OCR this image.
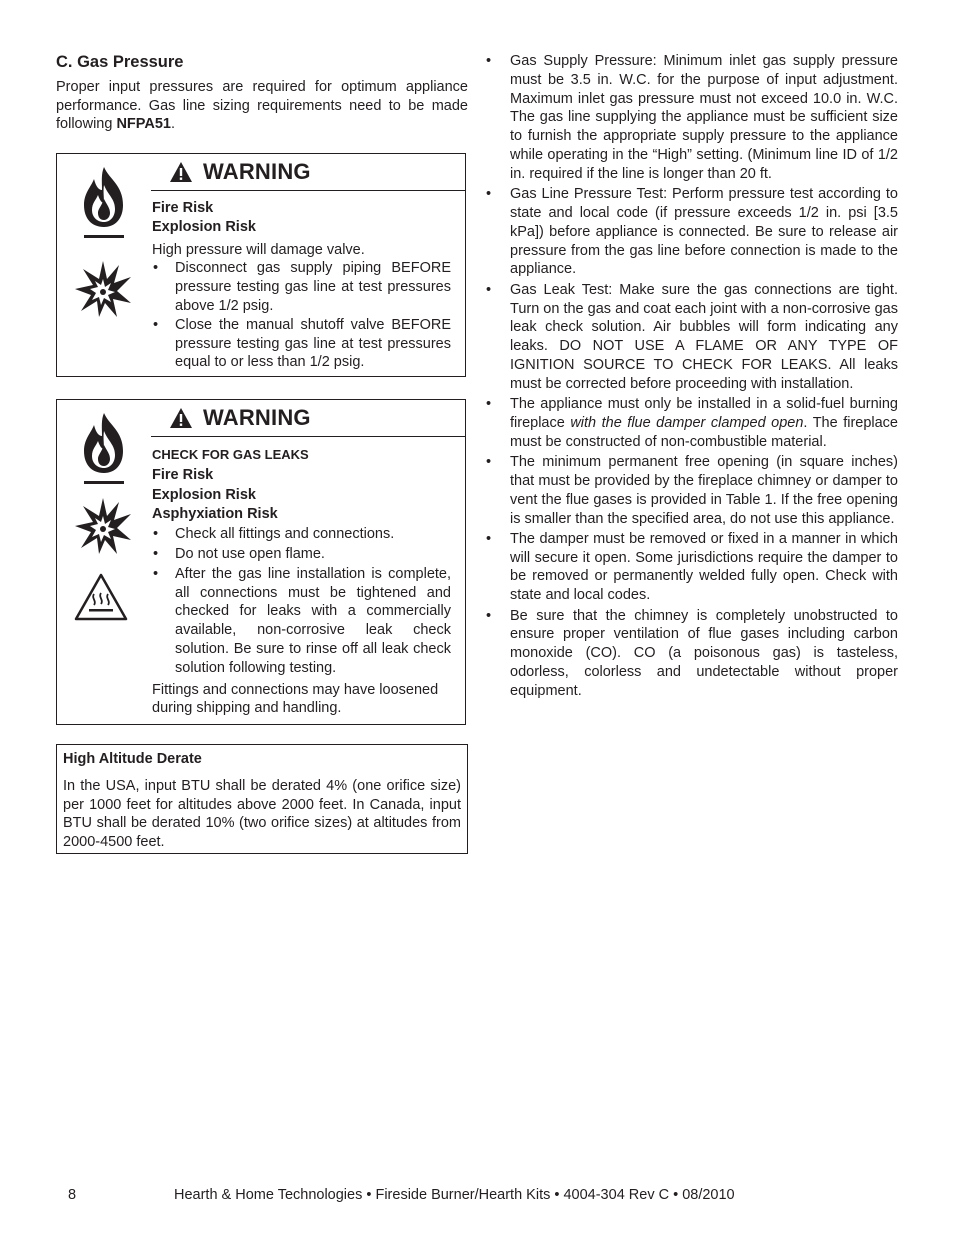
C. Gas Pressure

Proper input pressures are required for optimum appliance performance. Gas line sizing requirements need to be made following NFPA51.

WARNING
Fire Risk
Explosion Risk
High pressure will damage valve.
• Disconnect gas supply piping BEFORE pressure testing gas line at test pressures above 1/2 psig.
• Close the manual shutoff valve BEFORE pressure testing gas line at test pressures equal to or less than 1/2 psig.
WARNING
CHECK FOR GAS LEAKS
Fire Risk
Explosion Risk
Asphyxiation Risk
• Check all fittings and connections.
• Do not use open flame.
• After the gas line installation is complete, all connections must be tightened and checked for leaks with a commercially available, non-corrosive leak check solution. Be sure to rinse off all leak check solution following testing.
Fittings and connections may have loosened during shipping and handling.
High Altitude Derate
In the USA, input BTU shall be derated 4% (one orifice size) per 1000 feet for altitudes above 2000 feet. In Canada, input BTU shall be derated 10% (two orifice sizes) at altitudes from 2000-4500 feet.
• Gas Supply Pressure: Minimum inlet gas supply pressure must be 3.5 in. W.C. for the purpose of input adjustment. Maximum inlet gas pressure must not exceed 10.0 in. W.C. The gas line supplying the appliance must be sufficient size to furnish the appropriate supply pressure to the appliance while operating in the “High” setting. (Minimum line ID of 1/2 in. required if the line is longer than 20 ft.
• Gas Line Pressure Test: Perform pressure test according to state and local code (if pressure exceeds 1/2 in. psi [3.5 kPa]) before appliance is connected. Be sure to release air pressure from the gas line before connection is made to the appliance.
• Gas Leak Test: Make sure the gas connections are tight. Turn on the gas and coat each joint with a non-corrosive gas leak check solution. Air bubbles will form indicating any leaks. DO NOT USE A FLAME OR ANY TYPE OF IGNITION SOURCE TO CHECK FOR LEAKS. All leaks must be corrected before proceeding with installation.
• The appliance must only be installed in a solid-fuel burning fireplace with the flue damper clamped open. The fireplace must be constructed of non-combustible material.
• The minimum permanent free opening (in square inches) that must be provided by the fireplace chimney or damper to vent the flue gases is provided in Table 1. If the free opening is smaller than the specified area, do not use this appliance.
• The damper must be removed or fixed in a manner in which will secure it open. Some jurisdictions require the damper to be removed or permanently welded fully open. Check with state and local codes.
• Be sure that the chimney is completely unobstructed to ensure proper ventilation of flue gases including carbon monoxide (CO). CO (a poisonous gas) is tasteless, odorless, colorless and undetectable without proper equipment.
8	Hearth & Home Technologies • Fireside Burner/Hearth Kits • 4004-304 Rev C • 08/2010
